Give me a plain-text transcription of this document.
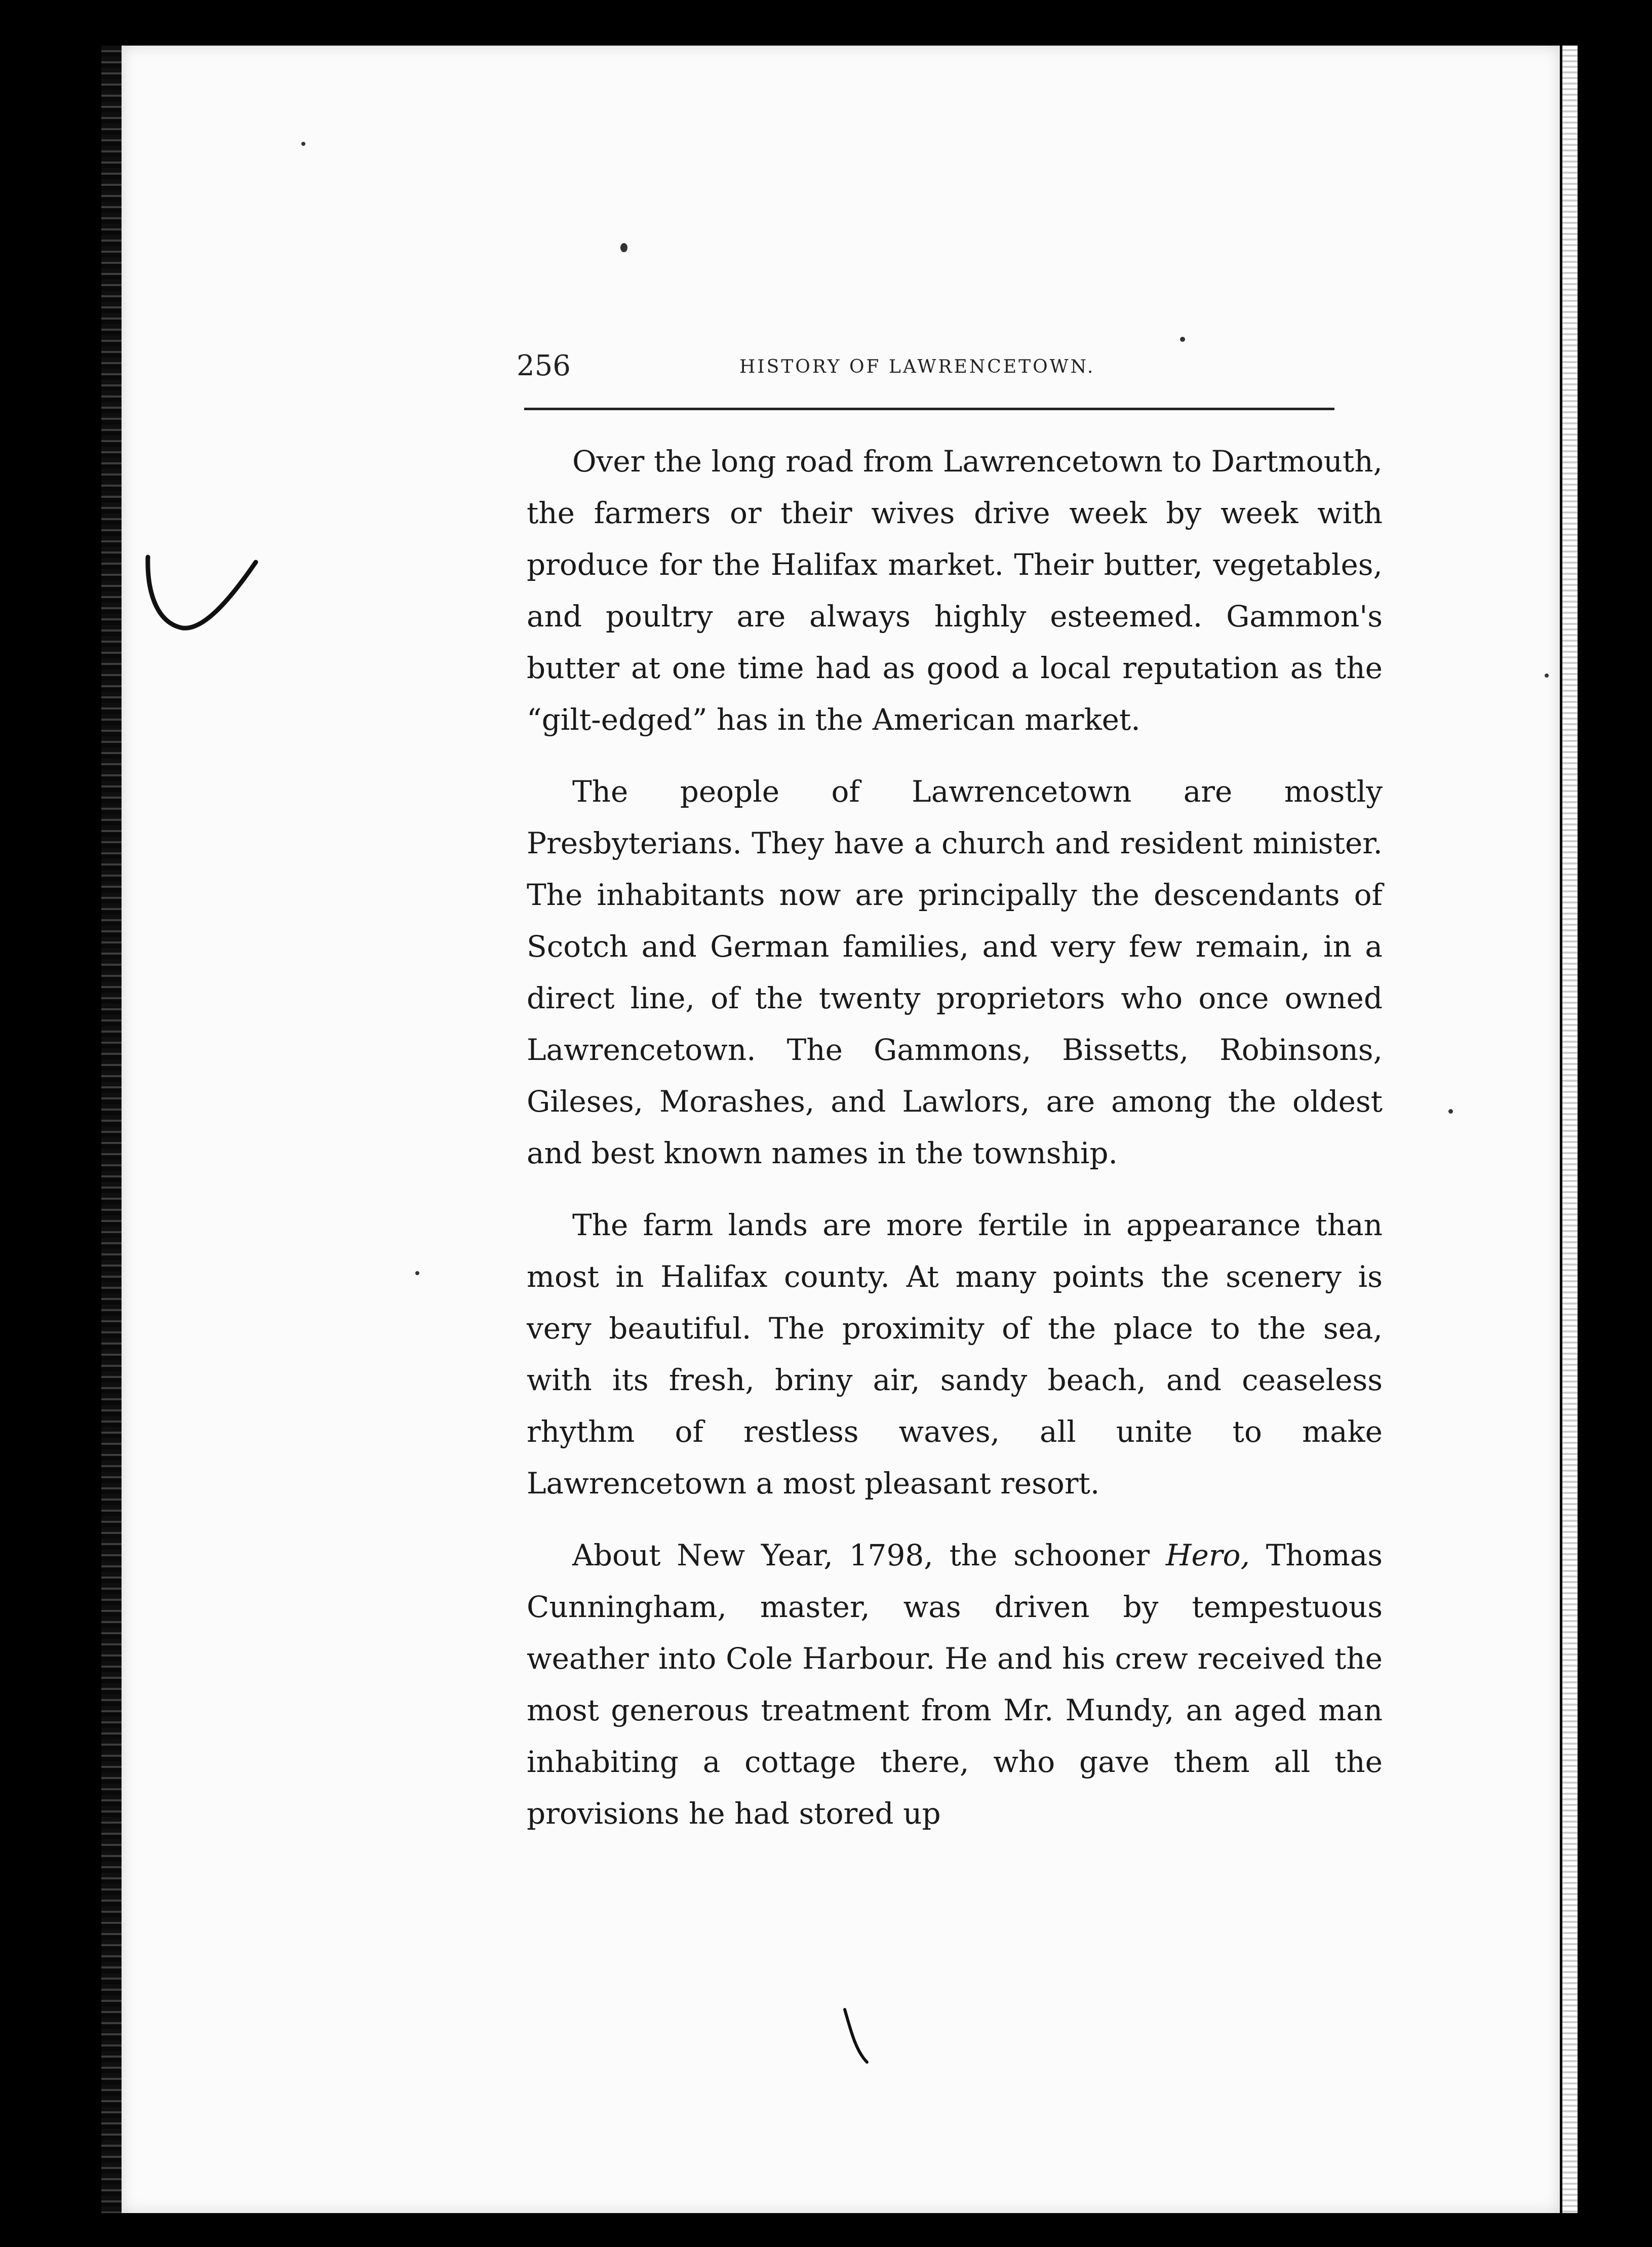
256	HISTORY OF LAWRENCETOWN.

Over the long road from Lawrencetown to Dartmouth, the farmers or their wives drive week by week with produce for the Halifax market. Their butter, vegetables, and poultry are always highly esteemed. Gammon's butter at one time had as good a local reputation as the “gilt-edged” has in the American market.

The people of Lawrencetown are mostly Presbyterians. They have a church and resident minister. The inhabitants now are principally the descendants of Scotch and German families, and very few remain, in a direct line, of the twenty proprietors who once owned Lawrencetown. The Gammons, Bissetts, Robinsons, Gileses, Morashes, and Lawlors, are among the oldest and best known names in the township.

The farm lands are more fertile in appearance than most in Halifax county. At many points the scenery is very beautiful. The proximity of the place to the sea, with its fresh, briny air, sandy beach, and ceaseless rhythm of restless waves, all unite to make Lawrencetown a most pleasant resort.

About New Year, 1798, the schooner Hero, Thomas Cunningham, master, was driven by tempestuous weather into Cole Harbour. He and his crew received the most generous treatment from Mr. Mundy, an aged man inhabiting a cottage there, who gave them all the provisions he had stored up
